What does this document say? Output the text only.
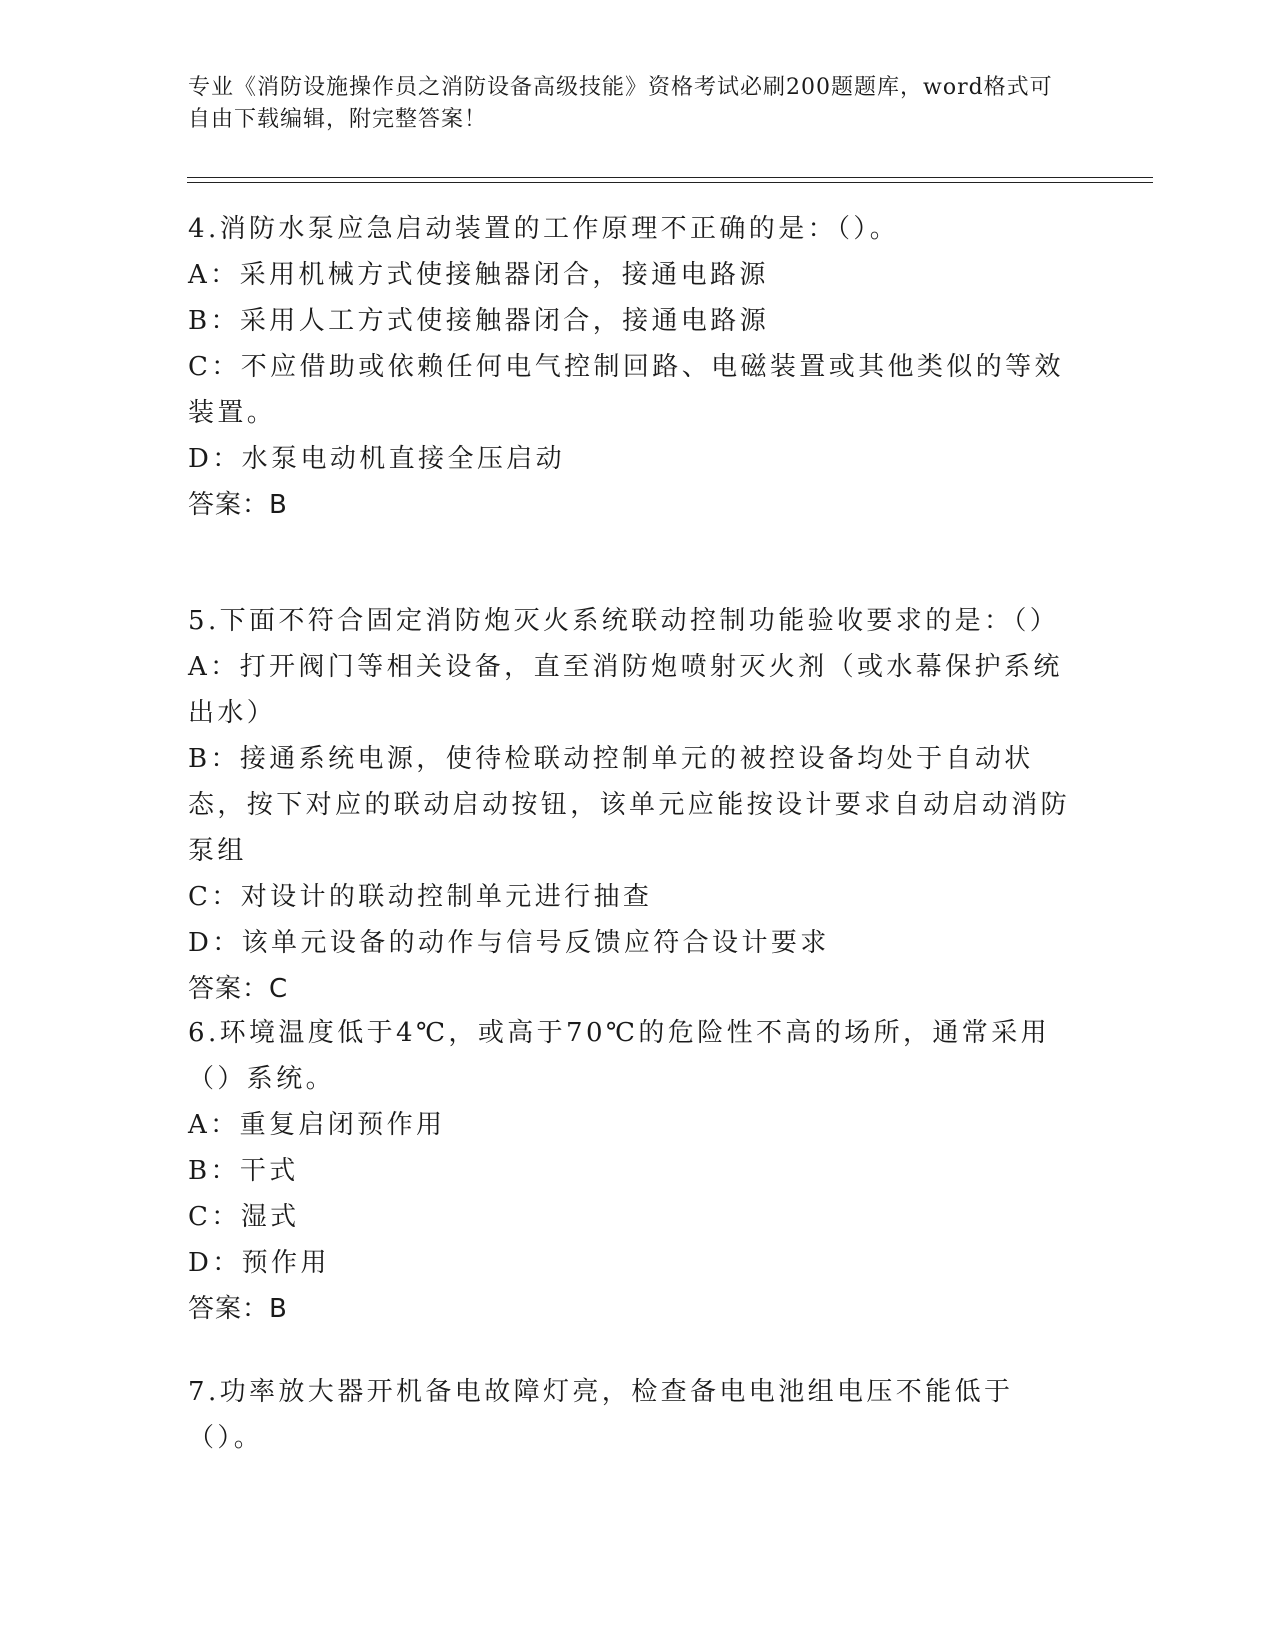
专业《消防设施操作员之消防设备高级技能》资格考试必刷200题题库，word格式可自由下载编辑，附完整答案！
4.消防水泵应急启动装置的工作原理不正确的是：（）。
A：采用机械方式使接触器闭合，接通电路源
B：采用人工方式使接触器闭合，接通电路源
C：不应借助或依赖任何电气控制回路、电磁装置或其他类似的等效装置。
D：水泵电动机直接全压启动
答案：B
5.下面不符合固定消防炮灭火系统联动控制功能验收要求的是：（）
A：打开阀门等相关设备，直至消防炮喷射灭火剂（或水幕保护系统出水）
B：接通系统电源，使待检联动控制单元的被控设备均处于自动状态，按下对应的联动启动按钮，该单元应能按设计要求自动启动消防泵组
C：对设计的联动控制单元进行抽查
D：该单元设备的动作与信号反馈应符合设计要求
答案：C
6.环境温度低于4℃，或高于70℃的危险性不高的场所，通常采用（）系统。
A：重复启闭预作用
B：干式
C：湿式
D：预作用
答案：B
7.功率放大器开机备电故障灯亮，检查备电电池组电压不能低于（）。
